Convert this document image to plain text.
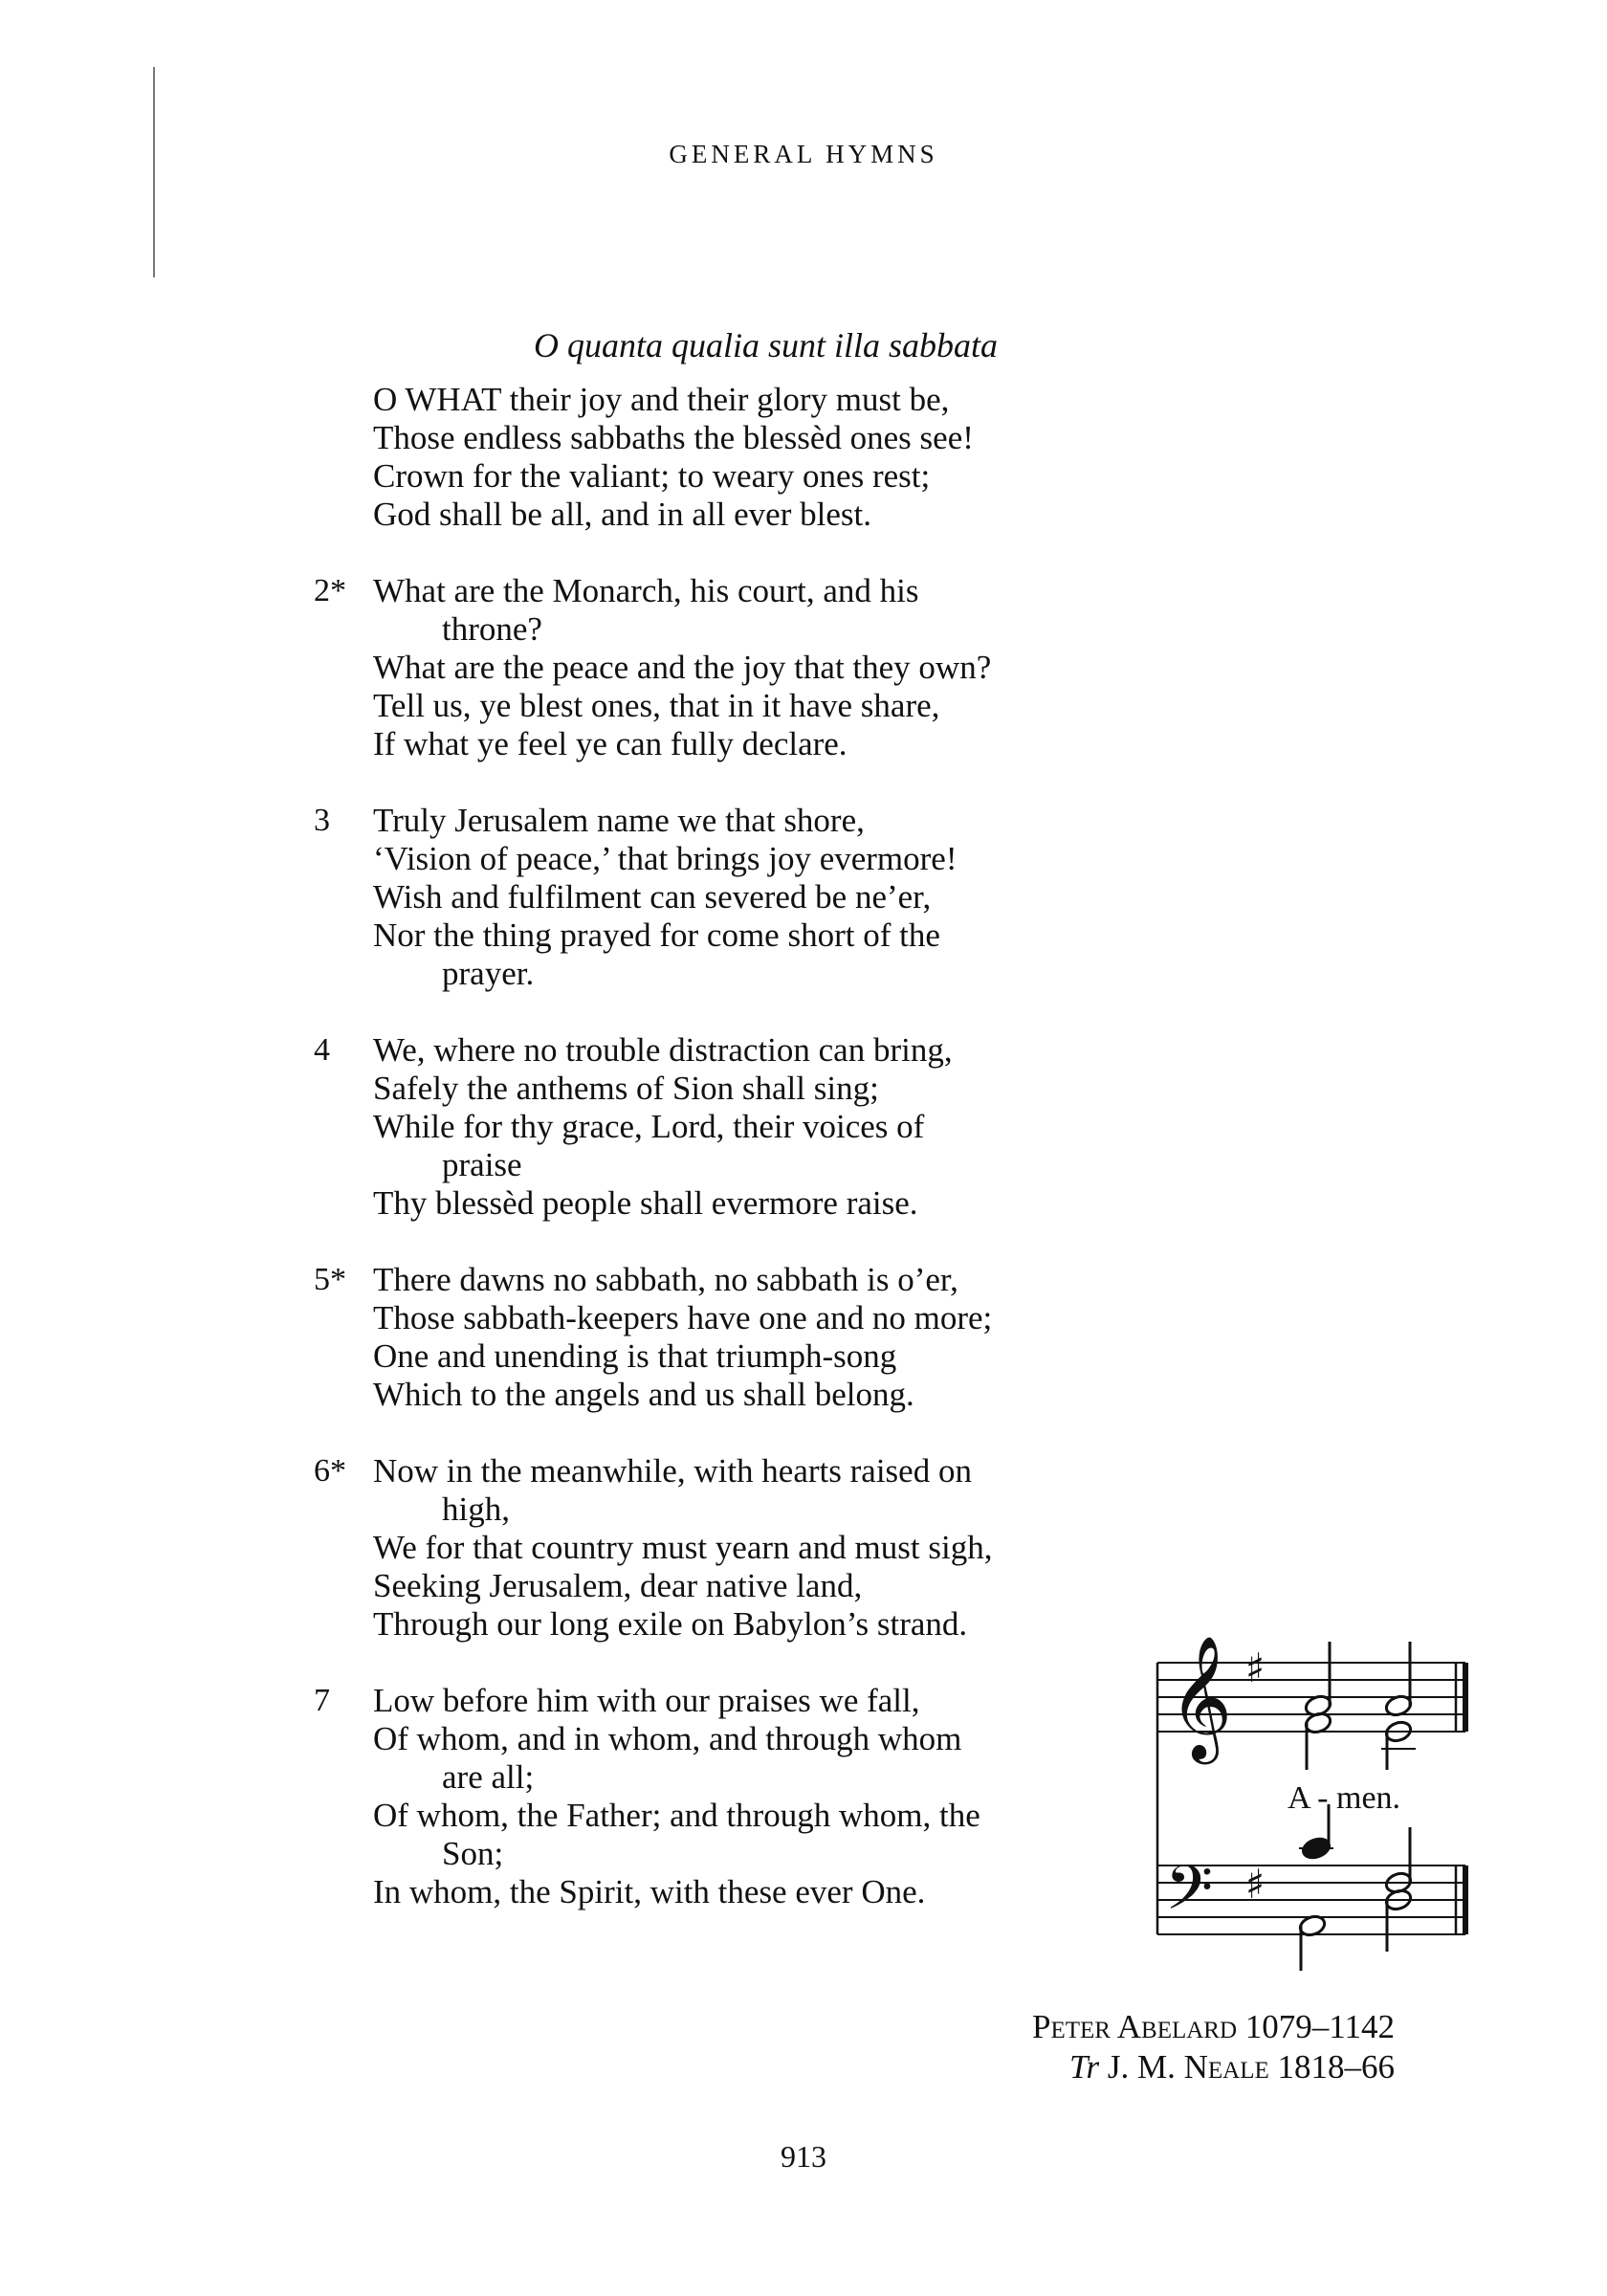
GENERAL HYMNS
O quanta qualia sunt illa sabbata
O WHAT their joy and their glory must be,
Those endless sabbaths the blessèd ones see!
Crown for the valiant; to weary ones rest;
God shall be all, and in all ever blest.
2* What are the Monarch, his court, and his
throne?
What are the peace and the joy that they own?
Tell us, ye blest ones, that in it have share,
If what ye feel ye can fully declare.
3	Truly Jerusalem name we that shore,
‘Vision of peace,’ that brings joy evermore!
Wish and fulfilment can severed be ne’er,
Nor the thing prayed for come short of the
prayer.
4	We, where no trouble distraction can bring,
Safely the anthems of Sion shall sing;
While for thy grace, Lord, their voices of
praise
Thy blessèd people shall evermore raise.
5* There dawns no sabbath, no sabbath is o’er,
Those sabbath-keepers have one and no more;
One and unending is that triumph-song
Which to the angels and us shall belong.
6* Now in the meanwhile, with hearts raised on
high,
We for that country must yearn and must sigh,
Seeking Jerusalem, dear native land,
Through our long exile on Babylon’s strand.
7	Low before him with our praises we fall,
Of whom, and in whom, and through whom
are all;
Of whom, the Father; and through whom, the
Son;
In whom, the Spirit, with these ever One.
𝄞 ♯
A - men.
𝄢 ♯
Peter Abelard 1079–1142
Tr J. M. Neale 1818–66
913
